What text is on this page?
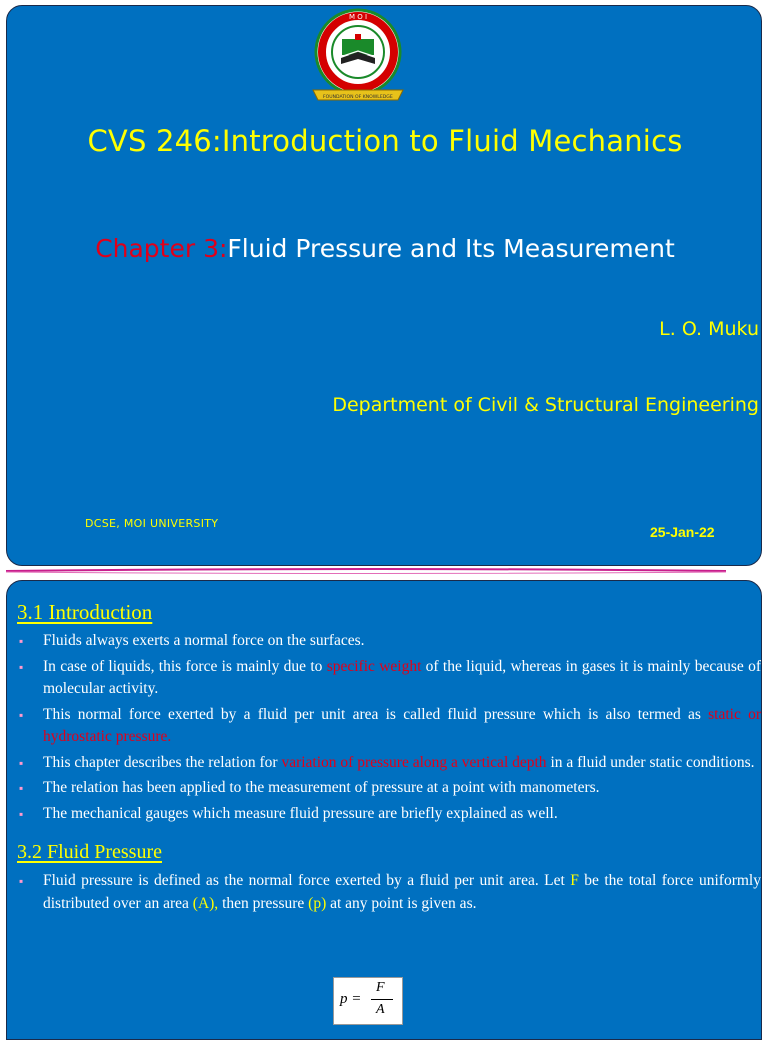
M O I
FOUNDATION OF KNOWLEDGE
CVS 246:Introduction to Fluid Mechanics
Chapter 3:Fluid Pressure and Its Measurement
L. O. Muku
Department of Civil & Structural Engineering
DCSE, MOI UNIVERSITY
25-Jan-22
3.1 Introduction
▪ Fluids always exerts a normal force on the surfaces.
▪ In case of liquids, this force is mainly due to specific weight of the liquid, whereas in gases it is mainly because of molecular activity.
▪ This normal force exerted by a fluid per unit area is called fluid pressure which is also termed as static or hydrostatic pressure.
▪ This chapter describes the relation for variation of pressure along a vertical depth in a fluid under static conditions.
▪ The relation has been applied to the measurement of pressure at a point with manometers.
▪ The mechanical gauges which measure fluid pressure are briefly explained as well.
3.2 Fluid Pressure
▪ Fluid pressure is defined as the normal force exerted by a fluid per unit area. Let F be the total force uniformly distributed over an area (A), then pressure (p) at any point is given as.
p =
F
A
